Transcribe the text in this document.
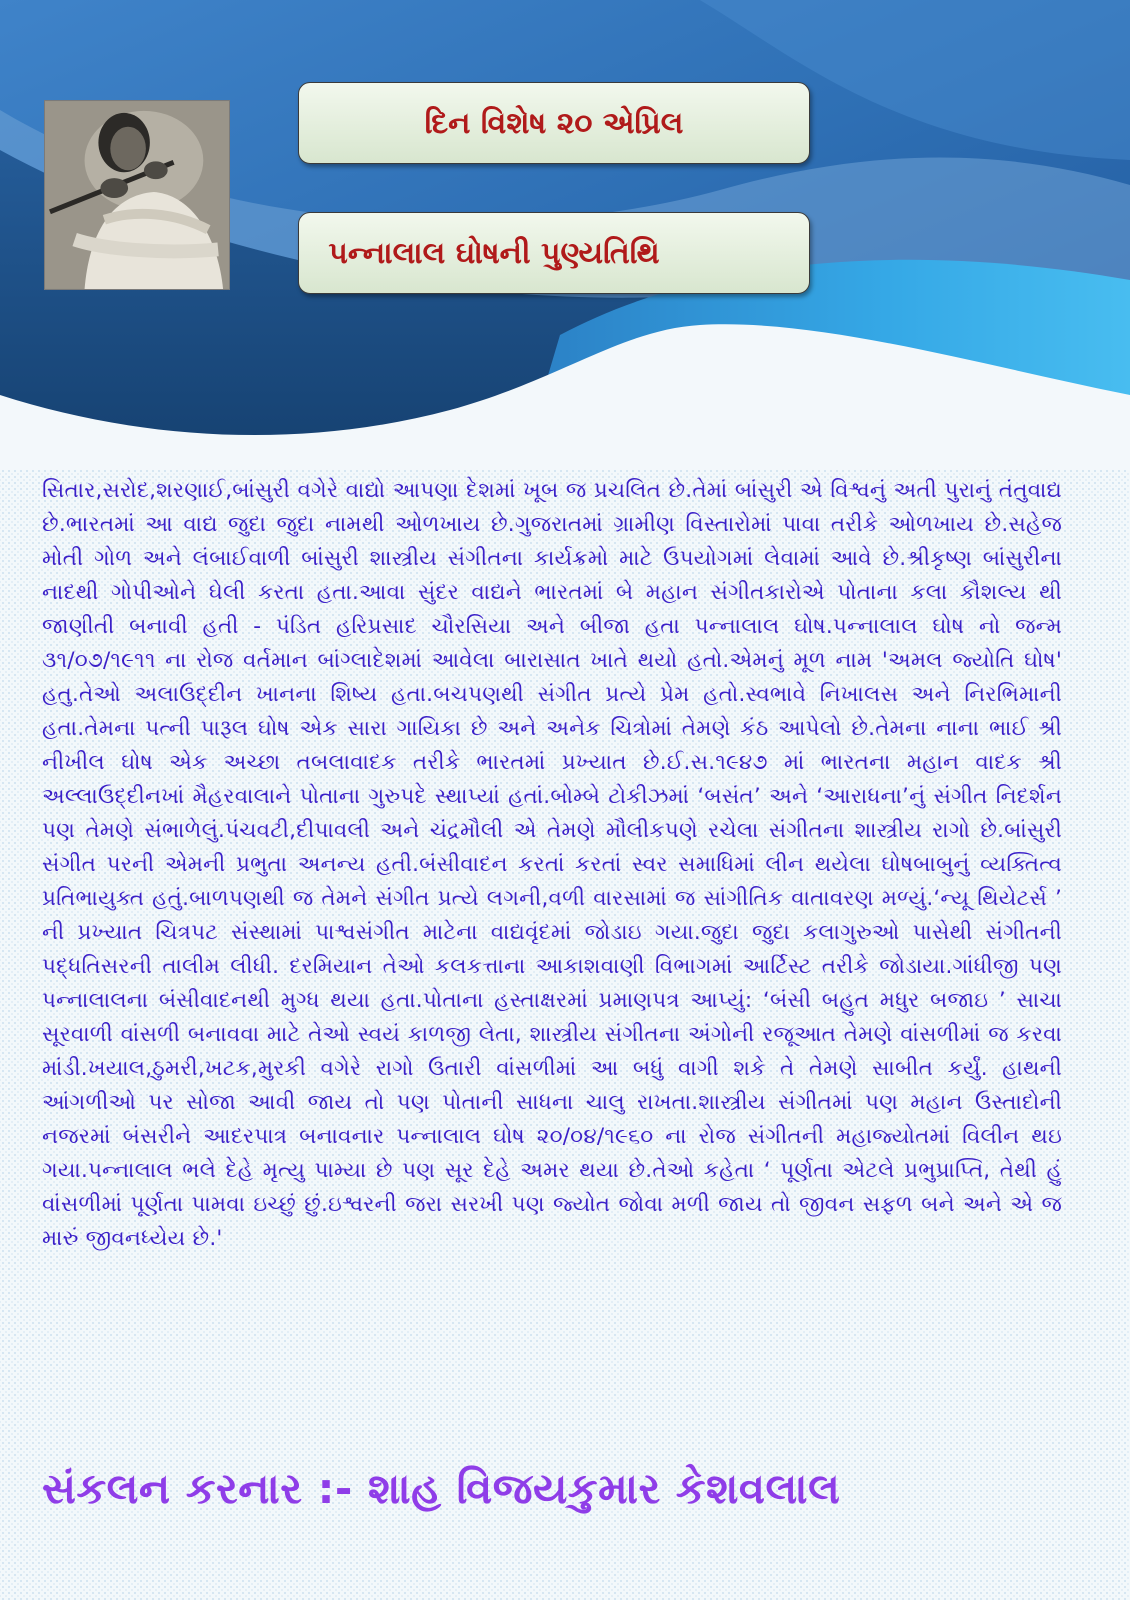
દિન વિશેષ ૨૦ એપ્રિલ
પન્નાલાલ ઘોષની પુણ્યતિથિ

સિતાર,સરોદ,શરણાઈ,બાંસુરી વગેરે વાદ્યો આપણા દેશમાં ખૂબ જ પ્રચલિત છે.તેમાં બાંસુરી એ વિશ્વનું અતી પુરાનું તંતુવાદ્ય છે.ભારતમાં આ વાદ્ય જુદા જુદા નામથી ઓળખાય છે.ગુજરાતમાં ગ્રામીણ વિસ્તારોમાં પાવા તરીકે ઓળખાય છે.સહેજ મોતી ગોળ અને લંબાઈવાળી બાંસુરી શાસ્ત્રીય સંગીતના કાર્યક્રમો માટે ઉપયોગમાં લેવામાં આવે છે.શ્રીકૃષ્ણ બાંસુરીના નાદથી ગોપીઓને ઘેલી કરતા હતા.આવા સુંદર વાદ્યને ભારતમાં બે મહાન સંગીતકારોએ પોતાના કલા કૌશલ્ય થી જાણીતી બનાવી હતી - પંડિત હરિપ્રસાદ ચૌરસિયા અને બીજા હતા પન્નાલાલ ઘોષ.પન્નાલાલ ઘોષ નો જન્મ ૩૧/૦૭/૧૯૧૧ ના રોજ વર્તમાન બાંગ્લાદેશમાં આવેલા બારાસાત ખાતે થયો હતો.એમનું મૂળ નામ 'અમલ જ્યોતિ ઘોષ' હતુ.તેઓ અલાઉદ્દીન ખાનના શિષ્ય હતા.બચપણથી સંગીત પ્રત્યે પ્રેમ હતો.સ્વભાવે નિખાલસ અને નિરભિમાની હતા.તેમના પત્ની પારૂલ ઘોષ એક સારા ગાયિકા છે અને અનેક ચિત્રોમાં તેમણે કંઠ આપેલો છે.તેમના નાના ભાઈ શ્રી નીખીલ ઘોષ એક અચ્છા તબલાવાદક તરીકે ભારતમાં પ્રખ્યાત છે.ઈ.સ.૧૯૪૭ માં ભારતના મહાન વાદક શ્રી અલ્લાઉદ્દીનખાં મૈહરવાલાને પોતાના ગુરુપદે સ્થાપ્યાં હતાં.બોમ્બે ટોકીઝમાં ‘બસંત’ અને ‘આરાધના’નું સંગીત નિદર્શન પણ તેમણે સંભાળેલું.પંચવટી,દીપાવલી અને ચંદ્રમૌલી એ તેમણે મૌલીકપણે રચેલા સંગીતના શાસ્ત્રીય રાગો છે.બાંસુરી સંગીત પરની એમની પ્રભુતા અનન્ય હતી.બંસીવાદન કરતાં કરતાં સ્વર સમાધિમાં લીન થયેલા ઘોષબાબુનું વ્યક્તિત્વ પ્રતિભાયુક્ત હતું.બાળપણથી જ તેમને સંગીત પ્રત્યે લગની,વળી વારસામાં જ સાંગીતિક વાતાવરણ મળ્યું.‘ન્યૂ થિયેટર્સ ’ ની પ્રખ્યાત ચિત્રપટ સંસ્થામાં પાશ્વસંગીત માટેના વાદ્યવૃંદમાં જોડાઇ ગયા.જુદા જુદા કલાગુરુઓ પાસેથી સંગીતની પદ્ધતિસરની તાલીમ લીધી. દરમિયાન તેઓ કલકત્તાના આકાશવાણી વિભાગમાં આર્ટિસ્ટ તરીકે જોડાયા.ગાંધીજી પણ પન્નાલાલના બંસીવાદનથી મુગ્ધ થયા હતા.પોતાના હસ્તાક્ષરમાં પ્રમાણપત્ર આપ્યું: ‘બંસી બહુત મધુર બજાઇ ’ સાચા સૂરવાળી વાંસળી બનાવવા માટે તેઓ સ્વયં કાળજી લેતા, શાસ્ત્રીય સંગીતના અંગોની રજૂઆત તેમણે વાંસળીમાં જ કરવા માંડી.ખયાલ,ઠુમરી,ખટક,મુરકી વગેરે રાગો ઉતારી વાંસળીમાં આ બધું વાગી શકે તે તેમણે સાબીત કર્યું. હાથની આંગળીઓ પર સોજા આવી જાય તો પણ પોતાની સાધના ચાલુ રાખતા.શાસ્ત્રીય સંગીતમાં પણ મહાન ઉસ્તાદોની નજરમાં બંસરીને આદરપાત્ર બનાવનાર પન્નાલાલ ઘોષ ૨૦/૦૪/૧૯૬૦ ના રોજ સંગીતની મહાજ્યોતમાં વિલીન થઇ ગયા.પન્નાલાલ ભલે દેહે મૃત્યુ પામ્યા છે પણ સૂર દેહે અમર થયા છે.તેઓ કહેતા ‘ પૂર્ણતા એટલે પ્રભુપ્રાપ્તિ, તેથી હું વાંસળીમાં પૂર્ણતા પામવા ઇચ્છું છું.ઇશ્વરની જરા સરખી પણ જ્યોત જોવા મળી જાય તો જીવન સફળ બને અને એ જ મારું જીવનધ્યેય છે.'

સંકલન કરનાર :- શાહ વિજયકુમાર કેશવલાલ
